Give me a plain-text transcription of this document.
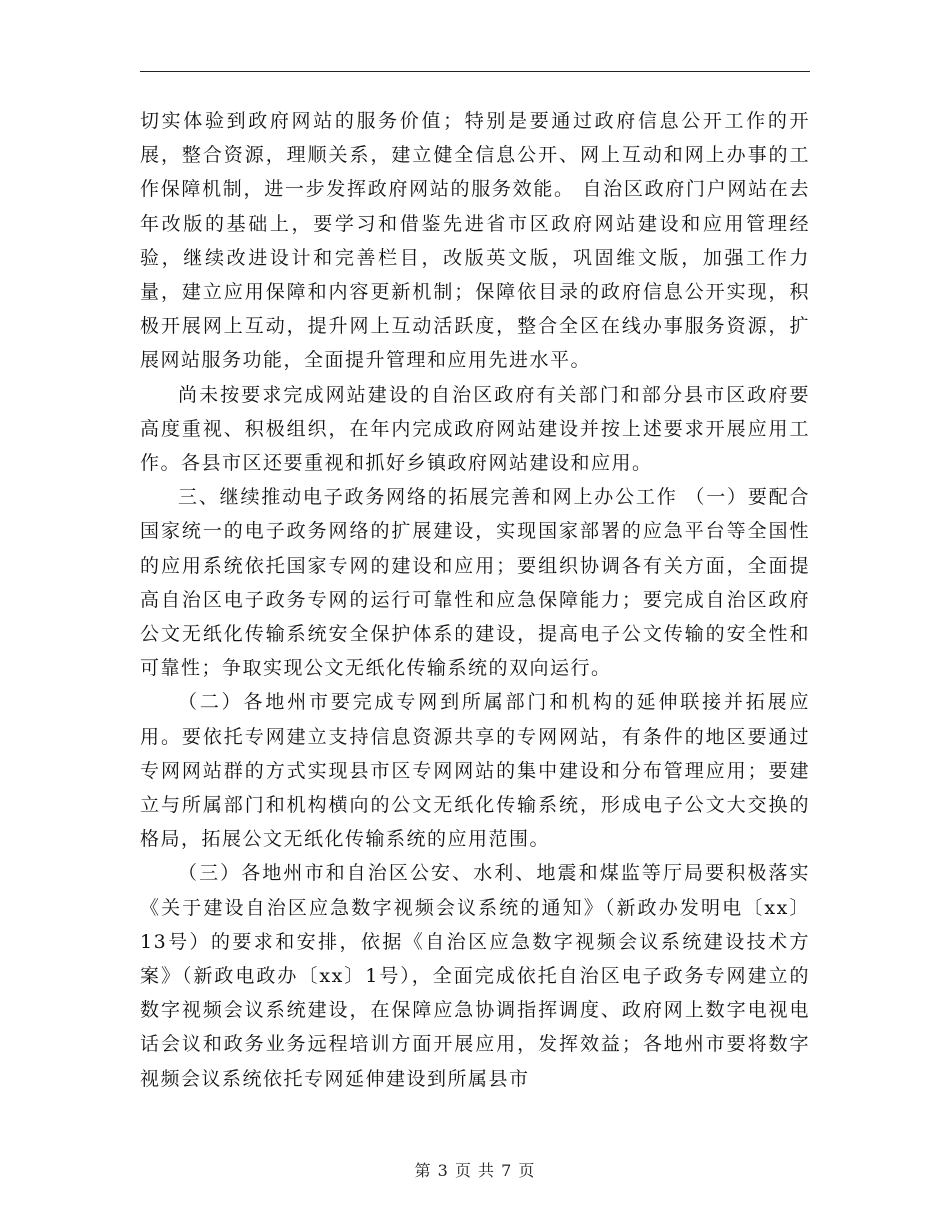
切实体验到政府网站的服务价值；特别是要通过政府信息公开工作的开展，整合资源，理顺关系，建立健全信息公开、网上互动和网上办事的工作保障机制，进一步发挥政府网站的服务效能。 自治区政府门户网站在去年改版的基础上，要学习和借鉴先进省市区政府网站建设和应用管理经验，继续改进设计和完善栏目，改版英文版，巩固维文版，加强工作力量，建立应用保障和内容更新机制；保障依目录的政府信息公开实现，积极开展网上互动，提升网上互动活跃度，整合全区在线办事服务资源，扩展网站服务功能，全面提升管理和应用先进水平。

尚未按要求完成网站建设的自治区政府有关部门和部分县市区政府要高度重视、积极组织，在年内完成政府网站建设并按上述要求开展应用工作。各县市区还要重视和抓好乡镇政府网站建设和应用。

三、继续推动电子政务网络的拓展完善和网上办公工作 （一）要配合国家统一的电子政务网络的扩展建设，实现国家部署的应急平台等全国性的应用系统依托国家专网的建设和应用；要组织协调各有关方面，全面提高自治区电子政务专网的运行可靠性和应急保障能力；要完成自治区政府公文无纸化传输系统安全保护体系的建设，提高电子公文传输的安全性和可靠性；争取实现公文无纸化传输系统的双向运行。

（二）各地州市要完成专网到所属部门和机构的延伸联接并拓展应用。要依托专网建立支持信息资源共享的专网网站，有条件的地区要通过专网网站群的方式实现县市区专网网站的集中建设和分布管理应用；要建立与所属部门和机构横向的公文无纸化传输系统，形成电子公文大交换的格局，拓展公文无纸化传输系统的应用范围。

（三）各地州市和自治区公安、水利、地震和煤监等厅局要积极落实《关于建设自治区应急数字视频会议系统的通知》（新政办发明电〔xx〕13号）的要求和安排，依据《自治区应急数字视频会议系统建设技术方案》（新政电政办〔xx〕1号），全面完成依托自治区电子政务专网建立的数字视频会议系统建设，在保障应急协调指挥调度、政府网上数字电视电话会议和政务业务远程培训方面开展应用，发挥效益；各地州市要将数字视频会议系统依托专网延伸建设到所属县市

第 3 页 共 7 页
